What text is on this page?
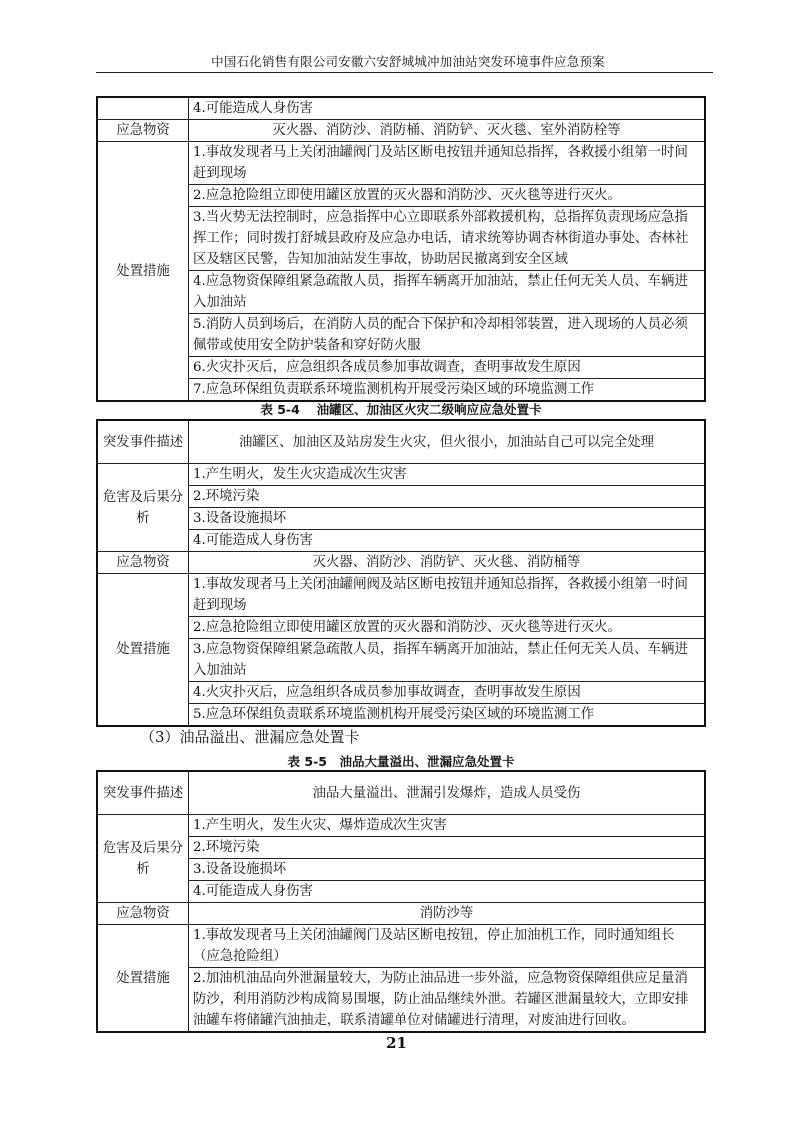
中国石化销售有限公司安徽六安舒城城冲加油站突发环境事件应急预案
	4.可能造成人身伤害
应急物资	灭火器、消防沙、消防桶、消防铲、灭火毯、室外消防栓等
处置措施	1.事故发现者马上关闭油罐阀门及站区断电按钮并通知总指挥，各救援小组第一时间赶到现场
	2.应急抢险组立即使用罐区放置的灭火器和消防沙、灭火毯等进行灭火。
	3.当火势无法控制时，应急指挥中心立即联系外部救援机构，总指挥负责现场应急指挥工作；同时拨打舒城县政府及应急办电话，请求统筹协调杏林街道办事处、杏林社区及辖区民警，告知加油站发生事故，协助居民撤离到安全区域
	4.应急物资保障组紧急疏散人员，指挥车辆离开加油站，禁止任何无关人员、车辆进入加油站
	5.消防人员到场后，在消防人员的配合下保护和冷却相邻装置，进入现场的人员必须佩带或使用安全防护装备和穿好防火服
	6.火灾扑灭后，应急组织各成员参加事故调查，查明事故发生原因
	7.应急环保组负责联系环境监测机构开展受污染区域的环境监测工作
表 5-4　 油罐区、加油区火灾二级响应应急处置卡
突发事件描述	油罐区、加油区及站房发生火灾，但火很小，加油站自己可以完全处理
危害及后果分析	1.产生明火，发生火灾造成次生灾害
	2.环境污染
	3.设备设施损坏
	4.可能造成人身伤害
应急物资	灭火器、消防沙、消防铲、灭火毯、消防桶等
处置措施	1.事故发现者马上关闭油罐闸阀及站区断电按钮并通知总指挥，各救援小组第一时间赶到现场
	2.应急抢险组立即使用罐区放置的灭火器和消防沙、灭火毯等进行灭火。
	3.应急物资保障组紧急疏散人员，指挥车辆离开加油站，禁止任何无关人员、车辆进入加油站
	4.火灾扑灭后，应急组织各成员参加事故调查，查明事故发生原因
	5.应急环保组负责联系环境监测机构开展受污染区域的环境监测工作
（3）油品溢出、泄漏应急处置卡
表 5-5　油品大量溢出、泄漏应急处置卡
突发事件描述	油品大量溢出、泄漏引发爆炸，造成人员受伤
危害及后果分析	1.产生明火，发生火灾、爆炸造成次生灾害
	2.环境污染
	3.设备设施损坏
	4.可能造成人身伤害
应急物资	消防沙等
处置措施	1.事故发现者马上关闭油罐阀门及站区断电按钮，停止加油机工作，同时通知组长（应急抢险组）
	2.加油机油品向外泄漏量较大，为防止油品进一步外溢，应急物资保障组供应足量消防沙，利用消防沙构成简易围堰，防止油品继续外泄。若罐区泄漏量较大，立即安排油罐车将储罐汽油抽走，联系清罐单位对储罐进行清理，对废油进行回收。
21
